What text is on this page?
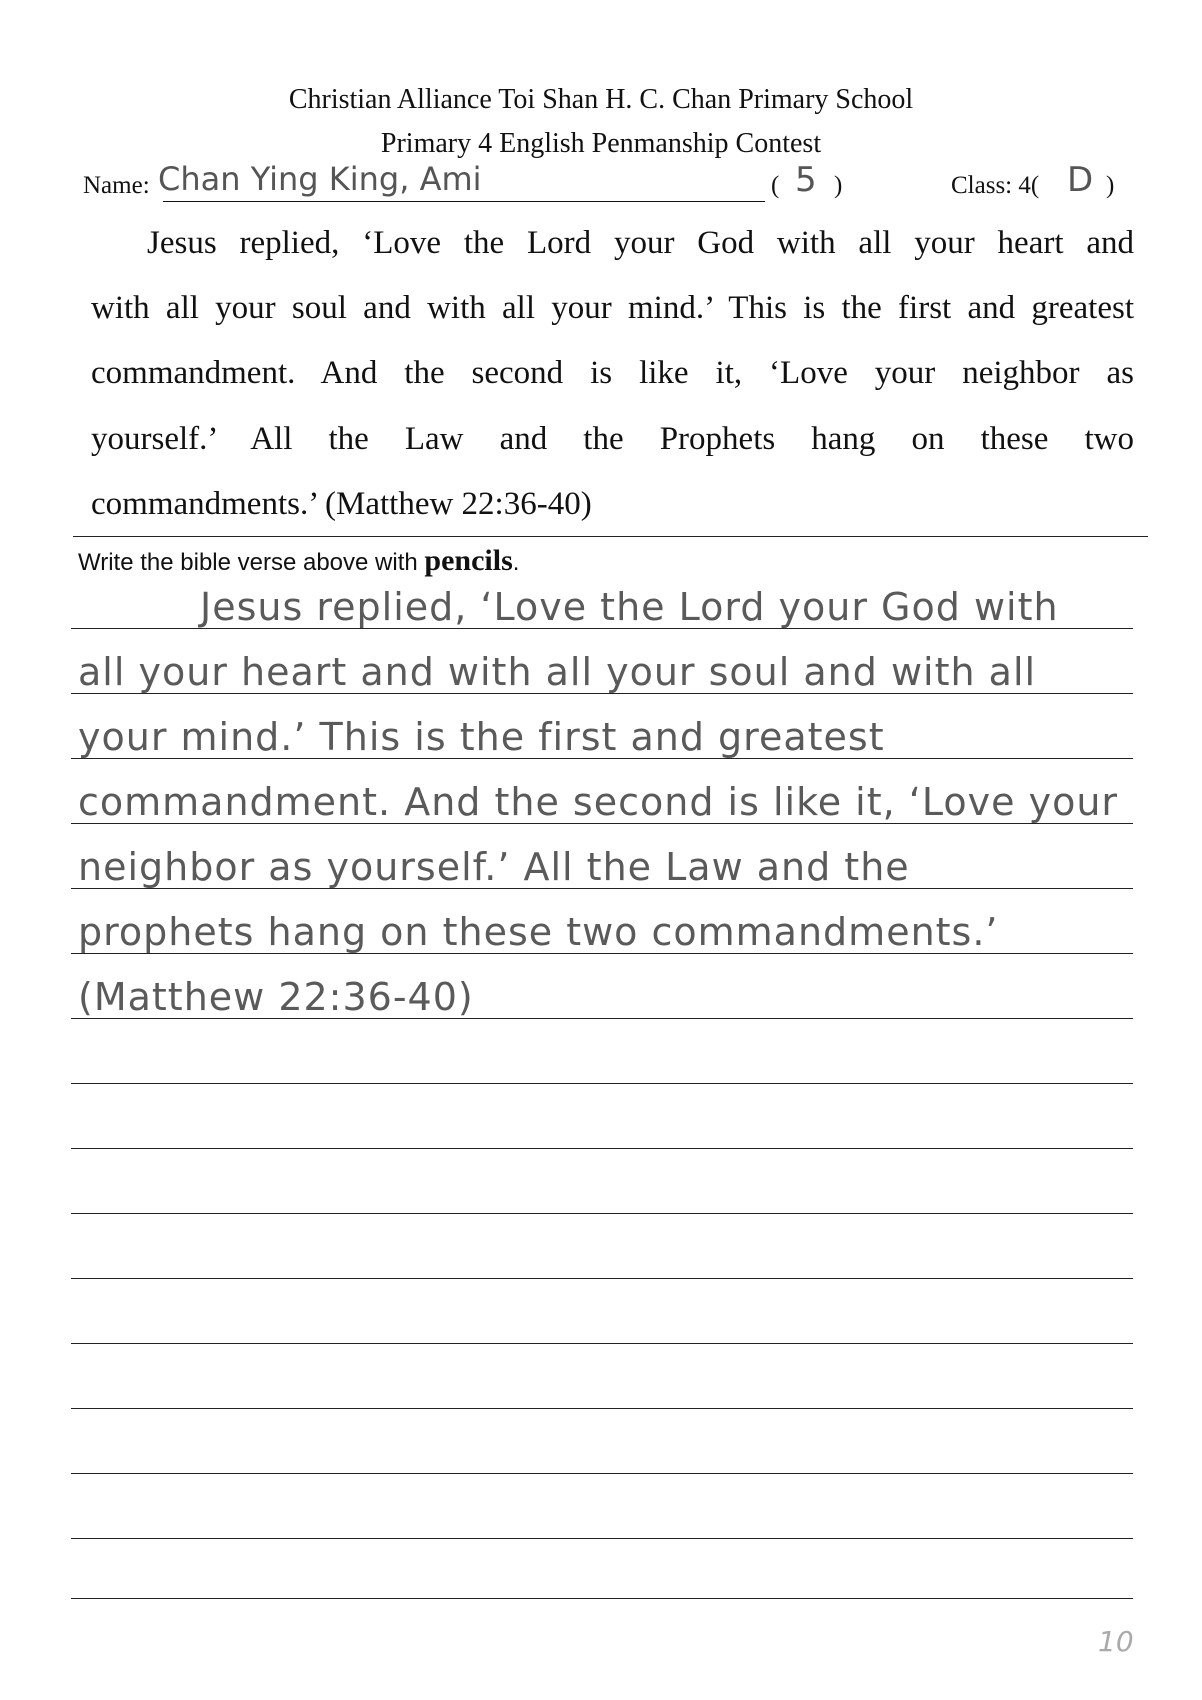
Christian Alliance Toi Shan H. C. Chan Primary School
Primary 4 English Penmanship Contest
Name: Chan Ying King, Ami	( 5 )	Class: 4( D )
Jesus replied, ‘Love the Lord your God with all your heart and
with all your soul and with all your mind.’ This is the first and greatest
commandment. And the second is like it, ‘Love your neighbor as
yourself.’ All the Law and the Prophets hang on these two
commandments.’ (Matthew 22:36-40)
Write the bible verse above with pencils.
Jesus replied, ‘Love the Lord your God with
all your heart and with all your soul and with all
your mind.’ This is the first and greatest
commandment. And the second is like it, ‘Love your
neighbor as yourself.’ All the Law and the
prophets hang on these two commandments.’
(Matthew 22:36-40)
10
